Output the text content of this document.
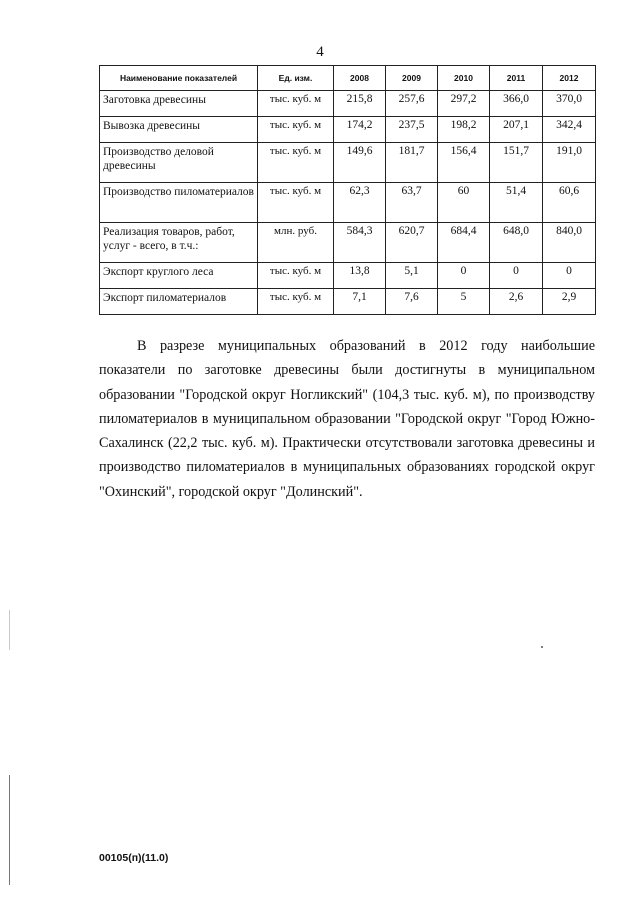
4
Наименование показателей	Ед. изм.	2008	2009	2010	2011	2012
Заготовка древесины	тыс. куб. м	215,8	257,6	297,2	366,0	370,0
Вывозка древесины	тыс. куб. м	174,2	237,5	198,2	207,1	342,4
Производство деловой древесины	тыс. куб. м	149,6	181,7	156,4	151,7	191,0
Производство пиломатериалов	тыс. куб. м	62,3	63,7	60	51,4	60,6
Реализация товаров, работ, услуг - всего, в т.ч.:	млн. руб.	584,3	620,7	684,4	648,0	840,0
Экспорт круглого леса	тыс. куб. м	13,8	5,1	0	0	0
Экспорт пиломатериалов	тыс. куб. м	7,1	7,6	5	2,6	2,9

В разрезе муниципальных образований в 2012 году наибольшие показатели по заготовке древесины были достигнуты в муниципальном образовании "Городской округ Ногликский" (104,3 тыс. куб. м), по производству пиломатериалов в муниципальном образовании "Городской округ "Город Южно-Сахалинск (22,2 тыс. куб. м). Практически отсутствовали заготовка древесины и производство пиломатериалов в муниципальных образованиях городской округ "Охинский", городской округ "Долинский".

00105(п)(11.0)
